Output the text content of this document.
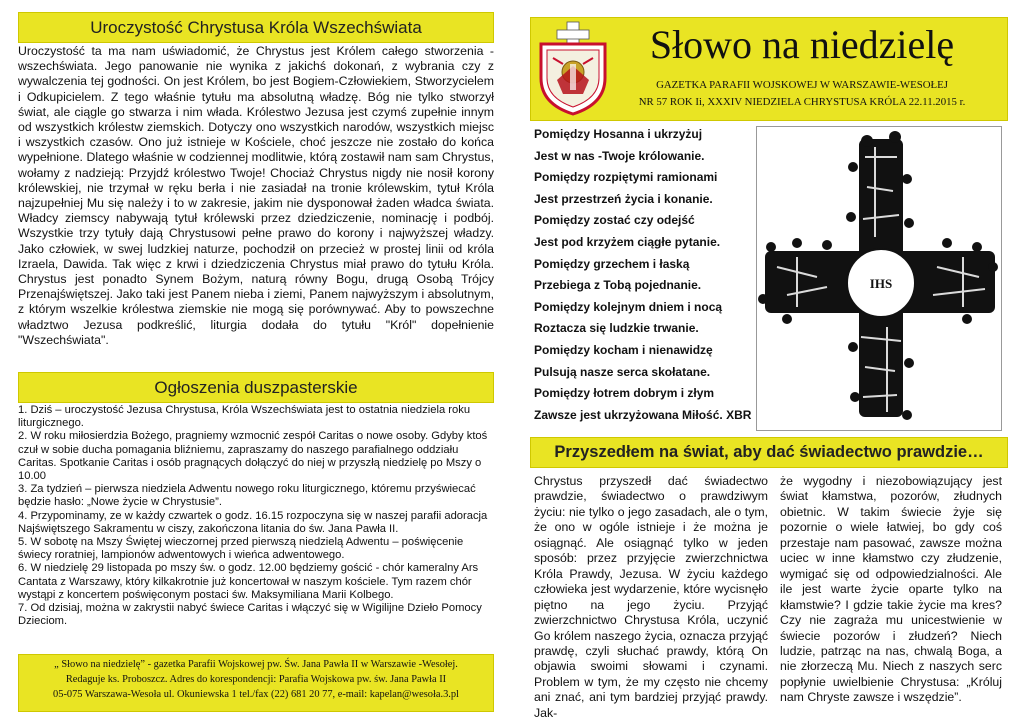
Uroczystość Chrystusa Króla Wszechświata
Uroczystość ta ma nam uświadomić, że Chrystus jest Królem całego stworzenia - wszechświata. Jego panowanie nie wynika z jakichś dokonań, z wybrania czy z wywalczenia tej godności. On jest Królem, bo jest Bogiem-Człowiekiem, Stworzycielem i Odkupicielem. Z tego właśnie tytułu ma absolutną władzę. Bóg nie tylko stworzył świat, ale ciągle go stwarza i nim włada. Królestwo Jezusa jest czymś zupełnie innym od wszystkich królestw ziemskich. Dotyczy ono wszystkich narodów, wszystkich miejsc i wszystkich czasów. Ono już istnieje w Kościele, choć jeszcze nie zostało do końca wypełnione. Dlatego właśnie w codziennej modlitwie, którą zostawił nam sam Chrystus, wołamy z nadzieją: Przyjdź królestwo Twoje! Chociaż Chrystus nigdy nie nosił korony królewskiej, nie trzymał w ręku berła i nie zasiadał na tronie królewskim, tytuł Króla najzupełniej Mu się należy i to w zakresie, jakim nie dysponował żaden władca świata. Władcy ziemscy nabywają tytuł królewski przez dziedziczenie, nominację i podbój. Wszystkie trzy tytuły dają Chrystusowi pełne prawo do korony i najwyższej władzy. Jako człowiek, w swej ludzkiej naturze, pochodził on przecież w prostej linii od króla Izraela, Dawida. Tak więc z krwi i dziedziczenia Chrystus miał prawo do tytułu Króla. Chrystus jest ponadto Synem Bożym, naturą równy Bogu, drugą Osobą Trójcy Przenajświętszej. Jako taki jest Panem nieba i ziemi, Panem najwyższym i absolutnym, z którym wszelkie królestwa ziemskie nie mogą się porównywać. Aby to powszechne władztwo Jezusa podkreślić, liturgia dodała do tytułu "Król" dopełnienie "Wszechświata".
Ogłoszenia duszpasterskie
1. Dziś – uroczystość Jezusa Chrystusa, Króla Wszechświata jest to ostatnia niedziela roku liturgicznego.
2. W roku miłosierdzia Bożego, pragniemy wzmocnić zespół Caritas o nowe osoby. Gdyby ktoś czuł w sobie ducha pomagania bliźniemu, zapraszamy do naszego parafialnego oddziału Caritas. Spotkanie Caritas i osób pragnących dołączyć do niej w przyszłą niedzielę po Mszy o 10.00
3. Za tydzień – pierwsza niedziela Adwentu nowego roku liturgicznego, któremu przyświecać będzie hasło: „Nowe życie w Chrystusie”.
4. Przypominamy, ze w każdy czwartek o godz. 16.15 rozpoczyna się w naszej parafii adoracja Najświętszego Sakramentu w ciszy, zakończona litania do św. Jana Pawła II.
5. W sobotę na Mszy Świętej wieczornej przed pierwszą niedzielą Adwentu – poświęcenie świecy roratniej, lampionów adwentowych i wieńca adwentowego.
6. W niedzielę 29 listopada po mszy św. o godz. 12.00 będziemy gościć - chór kameralny Ars Cantata z Warszawy, który kilkakrotnie już koncertował w naszym kościele. Tym razem chór wystąpi z koncertem poświęconym postaci św. Maksymiliana Marii Kolbego.
7. Od dzisiaj, można w zakrystii nabyć świece Caritas i włączyć się w Wigilijne Dzieło Pomocy Dzieciom.
„ Słowo na niedzielę” - gazetka Parafii Wojskowej pw. Św. Jana Pawła II w Warszawie -Wesołej.
Redaguje ks. Proboszcz. Adres do korespondencji: Parafia Wojskowa pw. św. Jana Pawła II
05-075 Warszawa-Wesoła ul. Okuniewska 1 tel./fax (22) 681 20 77, e-mail: kapelan@wesoła.3.pl
Słowo na niedzielę
GAZETKA PARAFII WOJSKOWEJ W WARSZAWIE-WESOŁEJ
NR 57 ROK Ii, XXXIV NIEDZIELA CHRYSTUSA KRÓLA 22.11.2015 r.
Pomiędzy Hosanna i ukrzyżuj
Jest w nas -Twoje królowanie.
Pomiędzy rozpiętymi ramionami
Jest przestrzeń życia i konanie.
Pomiędzy zostać czy odejść
Jest pod krzyżem ciągłe pytanie.
Pomiędzy grzechem i łaską
Przebiega z Tobą pojednanie.
Pomiędzy kolejnym dniem i nocą
Roztacza się ludzkie trwanie.
Pomiędzy kocham i nienawidzę
Pulsują nasze serca skołatane.
Pomiędzy łotrem dobrym i złym
Zawsze jest ukrzyżowana Miłość. XBR
IHS
Przyszedłem na świat, aby dać świadectwo prawdzie…
Chrystus przyszedł dać świadectwo prawdzie, świadectwo o prawdziwym życiu: nie tylko o jego zasadach, ale o tym, że ono w ogóle istnieje i że można je osiągnąć. Ale osiągnąć tylko w jeden sposób: przez przyjęcie zwierzchnictwa Króla Prawdy, Jezusa. W życiu każdego człowieka jest wydarzenie, które wycisnęło piętno na jego życiu. Przyjąć zwierzchnictwo Chrystusa Króla, uczynić Go królem naszego życia, oznacza przyjąć prawdę, czyli słuchać prawdy, którą On objawia swoimi słowami i czynami. Problem w tym, że my często nie chcemy ani znać, ani tym bardziej przyjąć prawdy. Jak-
że wygodny i niezobowiązujący jest świat kłamstwa, pozorów, złudnych obietnic. W takim świecie żyje się pozornie o wiele łatwiej, bo gdy coś przestaje nam pasować, zawsze można uciec w inne kłamstwo czy złudzenie, wymigać się od odpowiedzialności. Ale ile jest warte życie oparte tylko na kłamstwie? I gdzie takie życie ma kres? Czy nie zagraża mu unicestwienie w świecie pozorów i złudzeń? Niech ludzie, patrząc na nas, chwalą Boga, a nie złorzeczą Mu. Niech z naszych serc popłynie uwielbienie Chrystusa: „Króluj nam Chryste zawsze i wszędzie”.
